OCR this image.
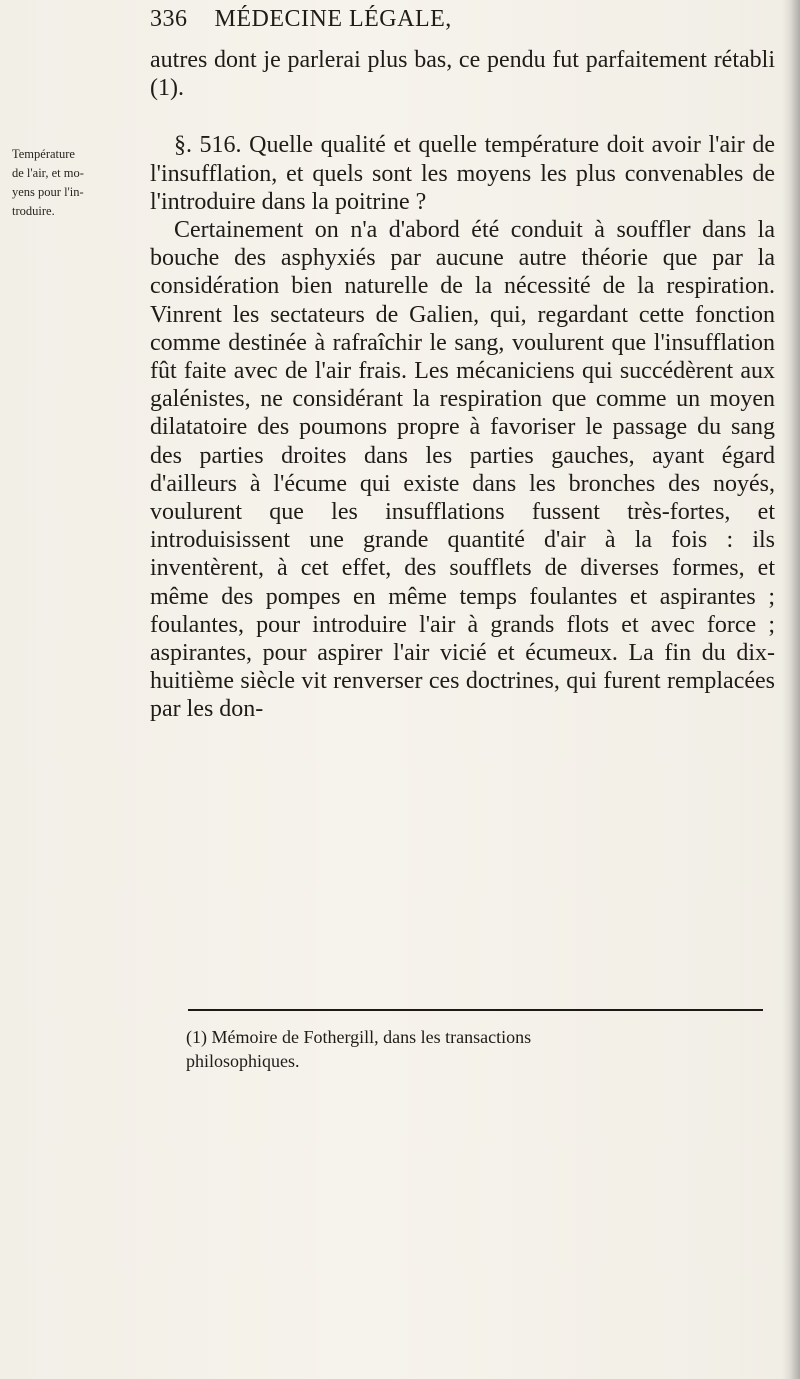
336 MÉDECINE LÉGALE,
Température
de l'air, et mo-
yens pour l'in-
troduire.

autres dont je parlerai plus bas, ce pendu fut parfaitement rétabli (1).

§. 516. Quelle qualité et quelle température doit avoir l'air de l'insufflation, et quels sont les moyens les plus convenables de l'introduire dans la poitrine ?

Certainement on n'a d'abord été conduit à souffler dans la bouche des asphyxiés par aucune autre théorie que par la considération bien naturelle de la nécessité de la respiration. Vinrent les sectateurs de Galien, qui, regardant cette fonction comme destinée à rafraîchir le sang, voulurent que l'insufflation fût faite avec de l'air frais. Les mécaniciens qui succédèrent aux galénistes, ne considérant la respiration que comme un moyen dilatatoire des poumons propre à favoriser le passage du sang des parties droites dans les parties gauches, ayant égard d'ailleurs à l'écume qui existe dans les bronches des noyés, voulurent que les insufflations fussent très-fortes, et introduisissent une grande quantité d'air à la fois : ils inventèrent, à cet effet, des soufflets de diverses formes, et même des pompes en même temps foulantes et aspirantes ; foulantes, pour introduire l'air à grands flots et avec force ; aspirantes, pour aspirer l'air vicié et écumeux. La fin du dix-huitième siècle vit renverser ces doctrines, qui furent remplacées par les don-

(1) Mémoire de Fothergill, dans les transactions
philosophiques.
